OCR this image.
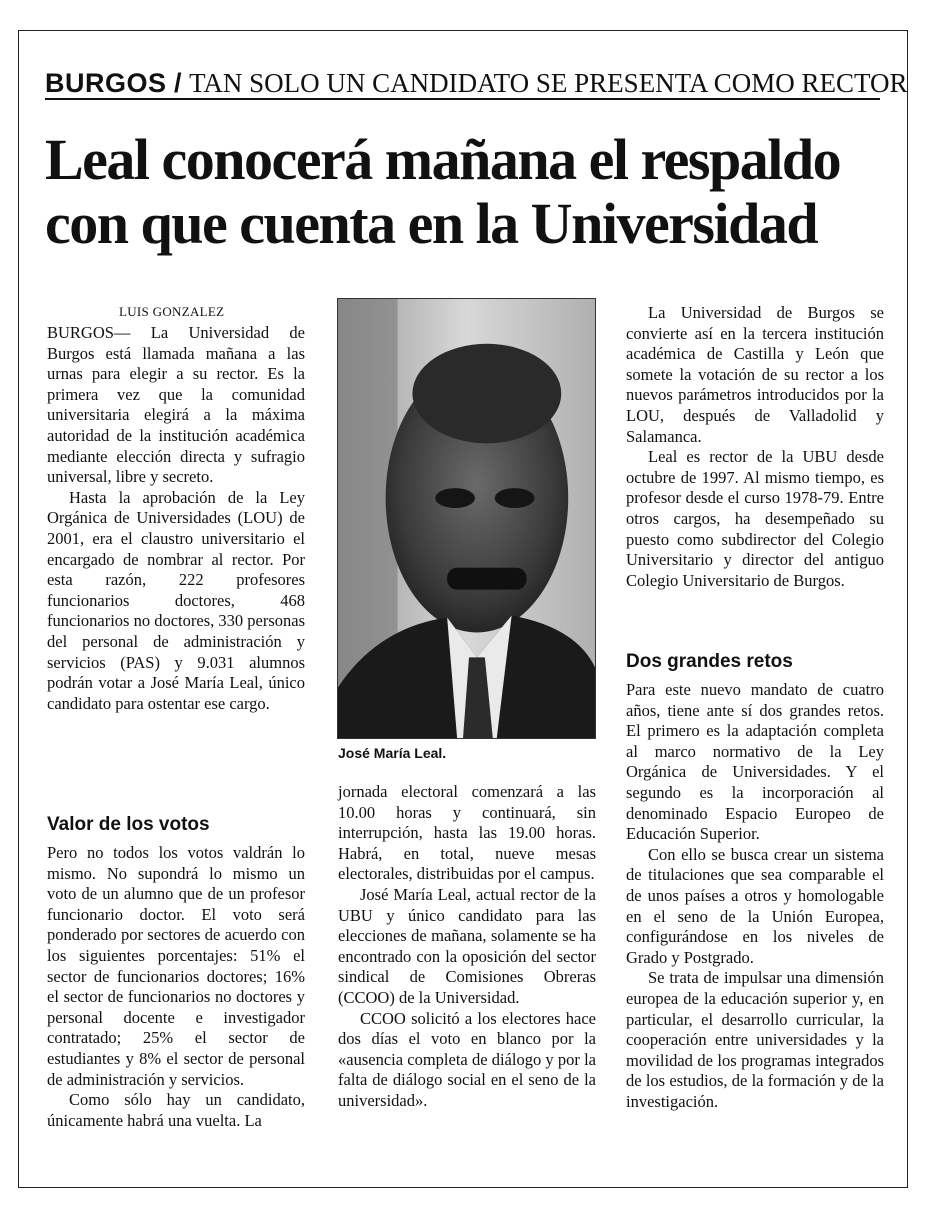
BURGOS / TAN SOLO UN CANDIDATO SE PRESENTA COMO RECTOR
Leal conocerá mañana el respaldo
con que cuenta en la Universidad
LUIS GONZALEZ

BURGOS— La Universidad de Burgos está llamada mañana a las urnas para elegir a su rector. Es la primera vez que la comunidad universitaria elegirá a la máxima autoridad de la institución académica mediante elección directa y sufragio universal, libre y secreto.

Hasta la aprobación de la Ley Orgánica de Universidades (LOU) de 2001, era el claustro universitario el encargado de nombrar al rector. Por esta razón, 222 profesores funcionarios doctores, 468 funcionarios no doctores, 330 personas del personal de administración y servicios (PAS) y 9.031 alumnos podrán votar a José María Leal, único candidato para ostentar ese cargo.

Valor de los votos

Pero no todos los votos valdrán lo mismo. No supondrá lo mismo un voto de un alumno que de un profesor funcionario doctor. El voto será ponderado por sectores de acuerdo con los siguientes porcentajes: 51% el sector de funcionarios doctores; 16% el sector de funcionarios no doctores y personal docente e investigador contratado; 25% el sector de estudiantes y 8% el sector de personal de administración y servicios.

Como sólo hay un candidato, únicamente habrá una vuelta. La

José María Leal.

jornada electoral comenzará a las 10.00 horas y continuará, sin interrupción, hasta las 19.00 horas. Habrá, en total, nueve mesas electorales, distribuidas por el campus.

José María Leal, actual rector de la UBU y único candidato para las elecciones de mañana, solamente se ha encontrado con la oposición del sector sindical de Comisiones Obreras (CCOO) de la Universidad.

CCOO solicitó a los electores hace dos días el voto en blanco por la «ausencia completa de diálogo y por la falta de diálogo social en el seno de la universidad».

La Universidad de Burgos se convierte así en la tercera institución académica de Castilla y León que somete la votación de su rector a los nuevos parámetros introducidos por la LOU, después de Valladolid y Salamanca.

Leal es rector de la UBU desde octubre de 1997. Al mismo tiempo, es profesor desde el curso 1978-79. Entre otros cargos, ha desempeñado su puesto como subdirector del Colegio Universitario y director del antiguo Colegio Universitario de Burgos.

Dos grandes retos

Para este nuevo mandato de cuatro años, tiene ante sí dos grandes retos. El primero es la adaptación completa al marco normativo de la Ley Orgánica de Universidades. Y el segundo es la incorporación al denominado Espacio Europeo de Educación Superior.

Con ello se busca crear un sistema de titulaciones que sea comparable el de unos países a otros y homologable en el seno de la Unión Europea, configurándose en los niveles de Grado y Postgrado.

Se trata de impulsar una dimensión europea de la educación superior y, en particular, el desarrollo curricular, la cooperación entre universidades y la movilidad de los programas integrados de los estudios, de la formación y de la investigación.
